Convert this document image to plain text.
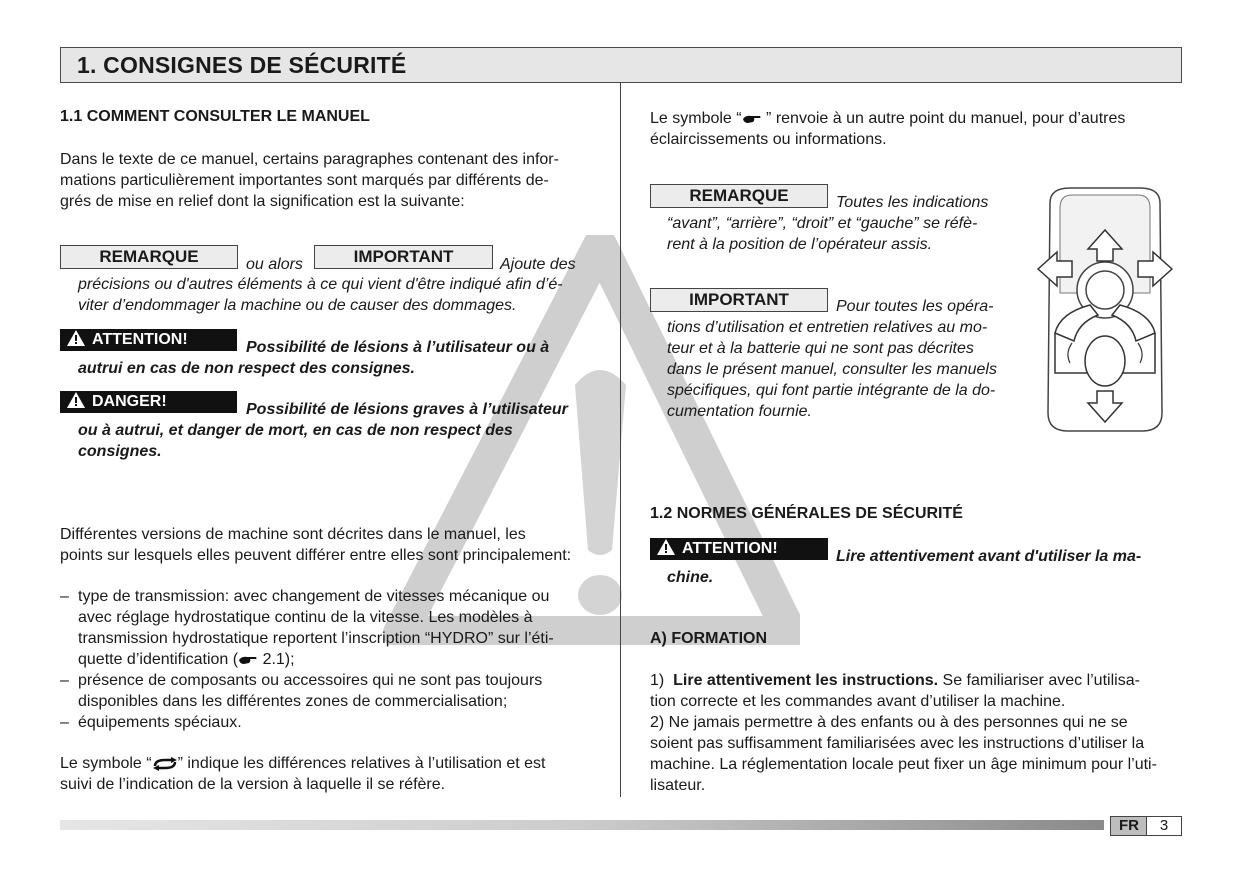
1. CONSIGNES DE SÉCURITÉ
1.1 COMMENT CONSULTER LE MANUEL
Dans le texte de ce manuel, certains paragraphes contenant des infor-
mations particulièrement importantes sont marqués par différents de-
grés de mise en relief dont la signification est la suivante:
REMARQUE	ou alors	IMPORTANT	Ajoute des
précisions ou d'autres éléments à ce qui vient d'être indiqué afin d’é-
viter d’endommager la machine ou de causer des dommages.
ATTENTION!	Possibilité de lésions à l’utilisateur ou à
autrui en cas de non respect des consignes.
DANGER!	Possibilité de lésions graves à l’utilisateur
ou à autrui, et danger de mort, en cas de non respect des
consignes.
Différentes versions de machine sont décrites dans le manuel, les
points sur lesquels elles peuvent différer entre elles sont principalement:
– type de transmission: avec changement de vitesses mécanique ou
avec réglage hydrostatique continu de la vitesse. Les modèles à
transmission hydrostatique reportent l’inscription “HYDRO” sur l’éti-
quette d’identification ( 2.1);
– présence de composants ou accessoires qui ne sont pas toujours
disponibles dans les différentes zones de commercialisation;
– équipements spéciaux.
Le symbole “ ” indique les différences relatives à l’utilisation et est
suivi de l’indication de la version à laquelle il se réfère.
Le symbole “ ” renvoie à un autre point du manuel, pour d’autres
éclaircissements ou informations.
REMARQUE	Toutes les indications
“avant”, “arrière”, “droit” et “gauche” se réfè-
rent à la position de l’opérateur assis.
IMPORTANT	Pour toutes les opéra-
tions d’utilisation et entretien relatives au mo-
teur et à la batterie qui ne sont pas décrites
dans le présent manuel, consulter les manuels
spécifiques, qui font partie intégrante de la do-
cumentation fournie.
1.2 NORMES GÉNÉRALES DE SÉCURITÉ
ATTENTION!	Lire attentivement avant d'utiliser la ma-
chine.
A) FORMATION
1) Lire attentivement les instructions. Se familiariser avec l’utilisa-
tion correcte et les commandes avant d’utiliser la machine.
2) Ne jamais permettre à des enfants ou à des personnes qui ne se
soient pas suffisamment familiarisées avec les instructions d’utiliser la
machine. La réglementation locale peut fixer un âge minimum pour l’uti-
lisateur.
FR	3
